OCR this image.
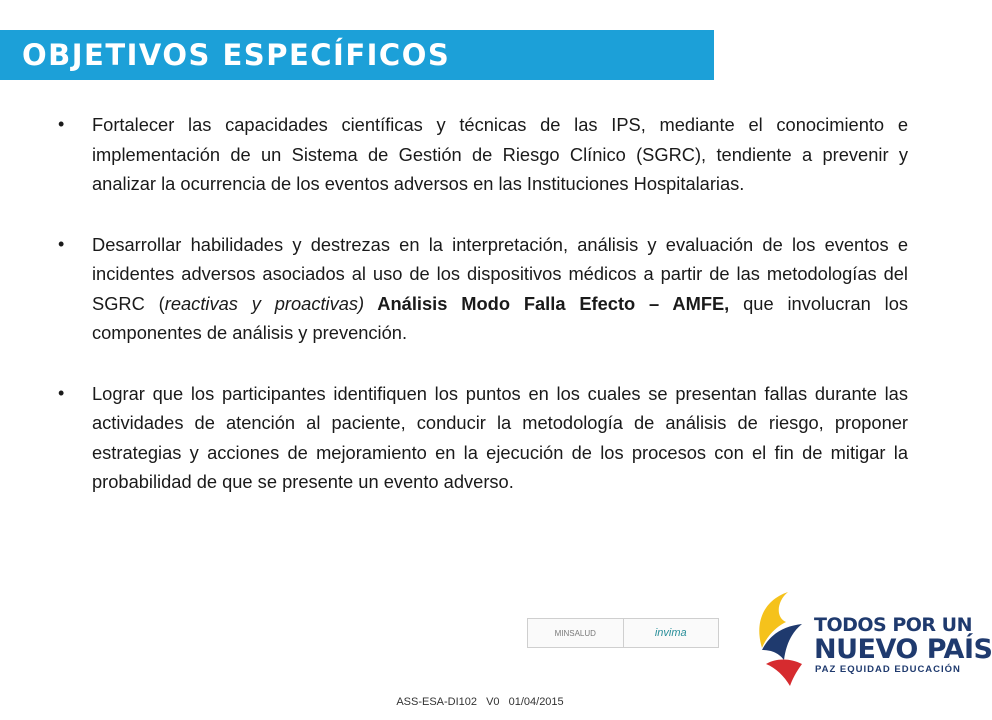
OBJETIVOS ESPECÍFICOS
•	Fortalecer las capacidades científicas y técnicas de las IPS, mediante el conocimiento e implementación de un Sistema de Gestión de Riesgo Clínico (SGRC), tendiente a prevenir y analizar la ocurrencia de los eventos adversos en las Instituciones Hospitalarias.

•	Desarrollar habilidades y destrezas en la interpretación, análisis y evaluación de los eventos e incidentes adversos asociados al uso de los dispositivos médicos a partir de las metodologías del SGRC (reactivas y proactivas) Análisis Modo Falla Efecto – AMFE, que involucran los componentes de análisis y prevención.

•	Lograr que los participantes identifiquen los puntos en los cuales se presentan fallas durante las actividades de atención al paciente, conducir la metodología de análisis de riesgo, proponer estrategias y acciones de mejoramiento en la ejecución de los procesos con el fin de mitigar la probabilidad de que se presente un evento adverso.

MINSALUD	invima	TODOS POR UN
NUEVO PAÍS
PAZ EQUIDAD EDUCACIÓN
ASS-ESA-DI102 V0 01/04/2015
